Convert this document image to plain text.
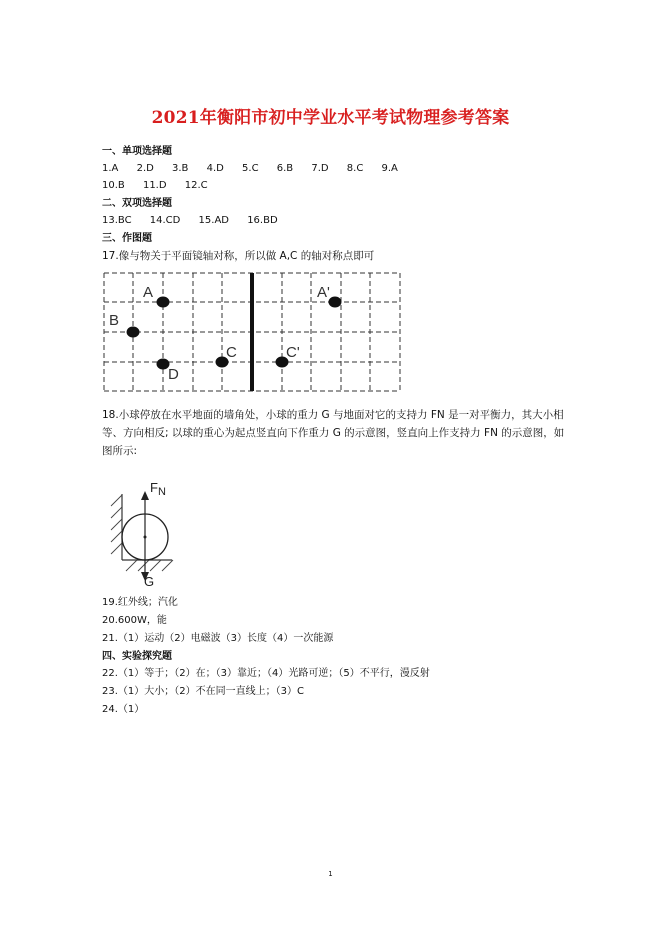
2021年衡阳市初中学业水平考试物理参考答案
一、单项选择题
1.A 2.D 3.B 4.D 5.C 6.B 7.D 8.C 9.A
10.B 11.D 12.C
二、双项选择题
13.BC 14.CD 15.AD 16.BD
三、作图题
17.像与物关于平面镜轴对称，所以做 A,C 的轴对称点即可
A
B
C
D
A'
C'
18.小球停放在水平地面的墙角处，小球的重力 G 与地面对它的支持力 FN 是一对平衡力，其大小相 等、方向相反; 以球的重心为起点竖直向下作重力 G 的示意图，竖直向上作支持力 FN 的示意图，如图所示:
$F_N$
G
19.红外线；汽化
20.600W，能
21.（1）运动（2）电磁波（3）长度（4）一次能源
四、实验探究题
22.（1）等于；（2）在；（3）靠近；（4）光路可逆；（5）不平行，漫反射
23.（1）大小；（2）不在同一直线上；（3）C
24.（1）
1
